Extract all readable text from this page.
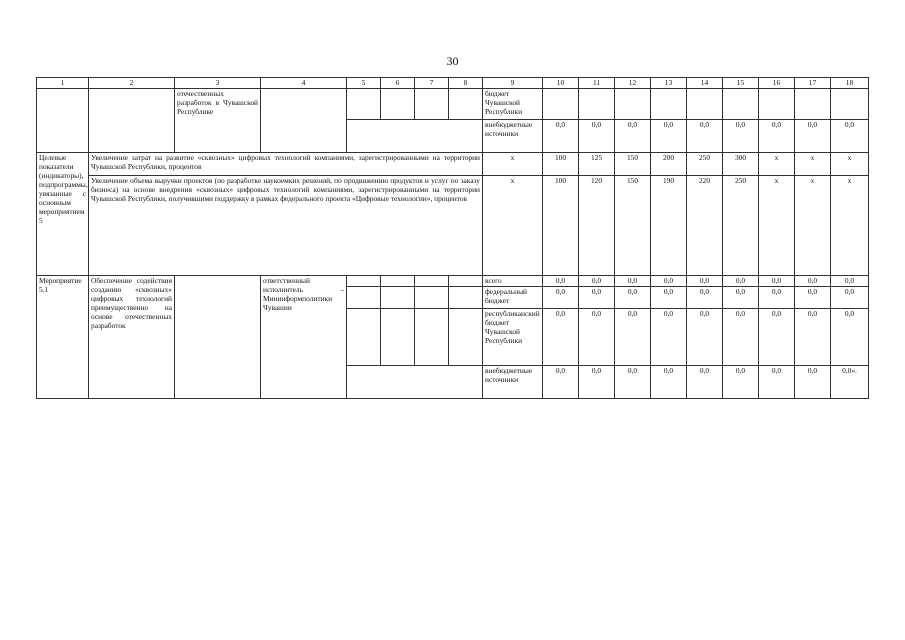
30
1	2	3	4	5	6	7	8	9	10	11	12	13	14	15	16	17	18
		отечественных разработок в Чувашской Республике						бюджет Чувашской Республики									
								внебюджетные источники	0,0	0,0	0,0	0,0	0,0	0,0	0,0	0,0	0,0
Целевые показатели (индикаторы), подпрограммы, увязанные с основным мероприятием 5	Увеличение затрат на развитие «сквозных» цифровых технологий компаниями, зарегистрированными на территории Чувашской Республики, процентов							x	100	125	150	200	250	300	x	x	x
	Увеличение объема выручки проектов (по разработке наукоемких решений, по продвижению продуктов и услуг по заказу бизнеса) на основе внедрения «сквозных» цифровых технологий компаниями, зарегистрированными на территории Чувашской Республики, получившими поддержку в рамках федерального проекта «Цифровые технологии», процентов							x	100	120	150	190	220	250	x	x	x
Мероприятие 5.1	Обеспечение содействия созданию «сквозных» цифровых технологий преимущественно на основе отечественных разработок		ответственный исполнитель – Мининформполитики Чувашии					всего	0,0	0,0	0,0	0,0	0,0	0,0	0,0	0,0	0,0
								федеральный бюджет	0,0	0,0	0,0	0,0	0,0	0,0	0,0	0,0	0,0
								республиканский бюджет Чувашской Республики	0,0	0,0	0,0	0,0	0,0	0,0	0,0	0,0	0,0
								внебюджетные источники	0,0	0,0	0,0	0,0	0,0	0,0	0,0	0,0	0,0».
